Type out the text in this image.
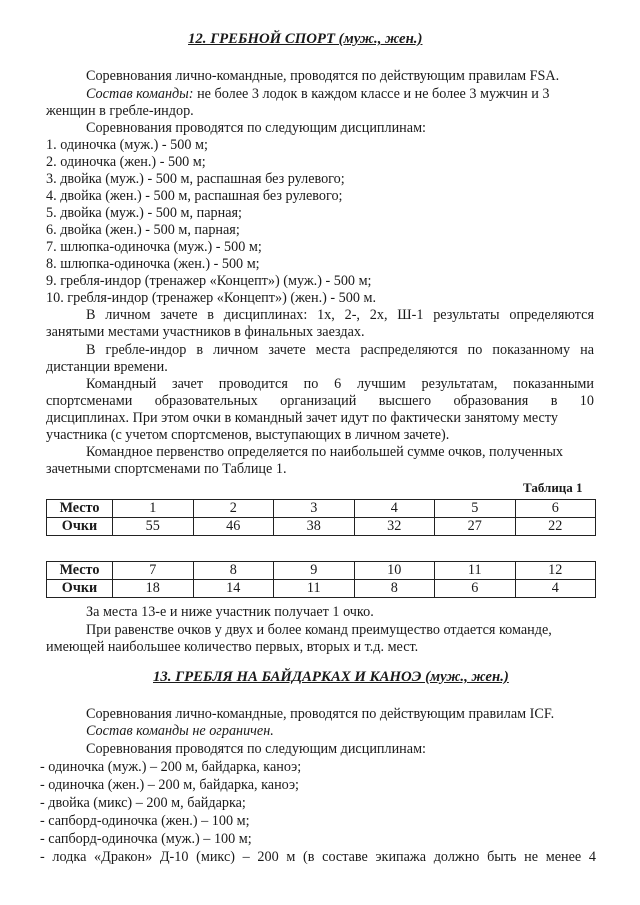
12. ГРЕБНОЙ СПОРТ (муж., жен.)
Соревнования лично-командные, проводятся по действующим правилам FSA.
Состав команды: не более 3 лодок в каждом классе и не более 3 мужчин и 3
женщин в гребле-индор.
Соревнования проводятся по следующим дисциплинам:
1. одиночка (муж.) - 500 м;
2. одиночка (жен.) - 500 м;
3. двойка (муж.) - 500 м, распашная без рулевого;
4. двойка (жен.) - 500 м, распашная без рулевого;
5. двойка (муж.) - 500 м, парная;
6. двойка (жен.) - 500 м, парная;
7. шлюпка-одиночка (муж.) - 500 м;
8. шлюпка-одиночка (жен.) - 500 м;
9. гребля-индор (тренажер «Концепт») (муж.) - 500 м;
10. гребля-индор (тренажер «Концепт») (жен.) - 500 м.
В личном зачете в дисциплинах: 1х, 2-, 2х, Ш-1 результаты определяются
занятыми местами участников в финальных заездах.
В гребле-индор в личном зачете места распределяются по показанному на
дистанции времени.
Командный зачет проводится по 6 лучшим результатам, показанными
спортсменами образовательных организаций высшего образования в 10
дисциплинах. При этом очки в командный зачет идут по фактически занятому месту
участника (с учетом спортсменов, выступающих в личном зачете).
Командное первенство определяется по наибольшей сумме очков, полученных
зачетными спортсменами по Таблице 1.
Таблица 1
Место	1	2	3	4	5	6
Очки	55	46	38	32	27	22
Место	7	8	9	10	11	12
Очки	18	14	11	8	6	4
За места 13-е и ниже участник получает 1 очко.
При равенстве очков у двух и более команд преимущество отдается команде,
имеющей наибольшее количество первых, вторых и т.д. мест.
13. ГРЕБЛЯ НА БАЙДАРКАХ И КАНОЭ (муж., жен.)
Соревнования лично-командные, проводятся по действующим правилам ICF.
Состав команды не ограничен.
Соревнования проводятся по следующим дисциплинам:
- одиночка (муж.) – 200 м, байдарка, каноэ;
- одиночка (жен.) – 200 м, байдарка, каноэ;
- двойка (микс) – 200 м, байдарка;
- сапборд-одиночка (жен.) – 100 м;
- сапборд-одиночка (муж.) – 100 м;
- лодка «Дракон» Д-10 (микс) – 200 м (в составе экипажа должно быть не менее 4
